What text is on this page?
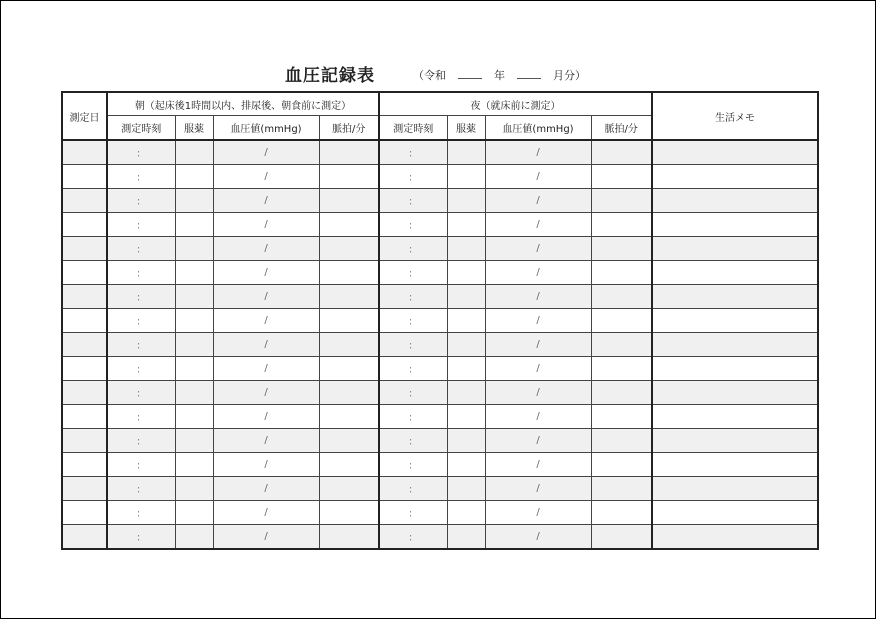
血圧記録表	（令和	年	月分）
測定日	朝（起床後1時間以内、排尿後、朝食前に測定）				夜（就床前に測定）				生活メモ
	測定時刻	服薬	血圧値(mmHg)	脈拍/分	測定時刻	服薬	血圧値(mmHg)	脈拍/分	
	：		/		：		/		
	：		/		：		/		
	：		/		：		/		
	：		/		：		/		
	：		/		：		/		
	：		/		：		/		
	：		/		：		/		
	：		/		：		/		
	：		/		：		/		
	：		/		：		/		
	：		/		：		/		
	：		/		：		/		
	：		/		：		/		
	：		/		：		/		
	：		/		：		/		
	：		/		：		/		
	：		/		：		/		
